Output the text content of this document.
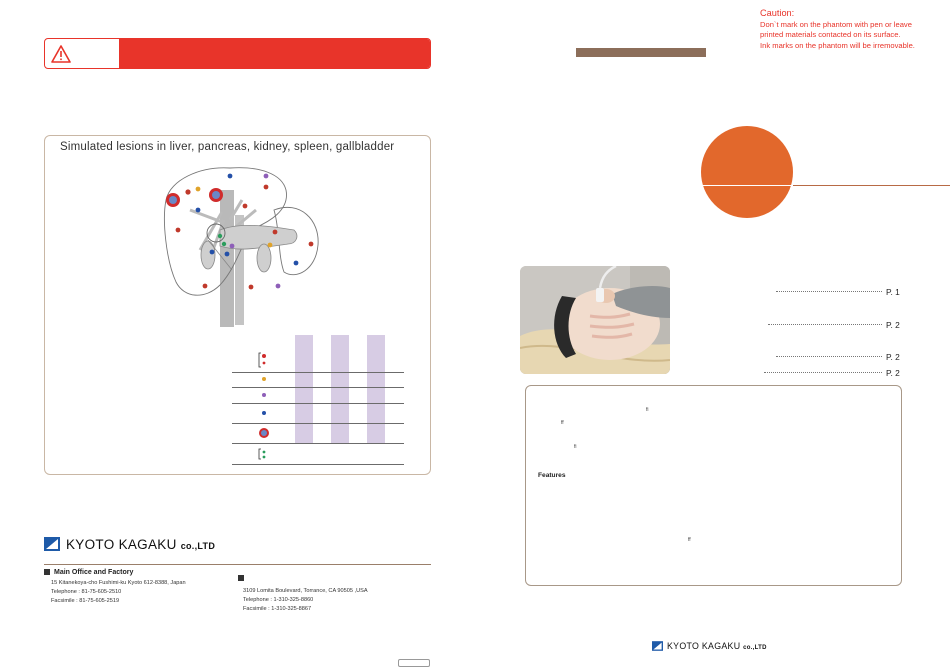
Simulated lesions in liver, pancreas, kidney, spleen, gallbladder
KYOTO KAGAKU co.,LTD
Main Office and Factory
15 Kitanekoya-cho Fushimi-ku Kyoto 612-8388, Japan
Telephone : 81-75-605-2510
Facsimile : 81-75-605-2519
3109 Lomita Boulevard, Torrance, CA 90505 ,USA
Telephone : 1-310-325-8860
Facsimile : 1-310-325-8867
Caution:
Don`t mark on the phantom with pen or leave
printed materials contacted on its surface.
Ink marks on the phantom will be irremovable.
P. 1
P. 2
P. 2
P. 2
fi
ff
fi
Features
ff
KYOTO KAGAKU co.,LTD
